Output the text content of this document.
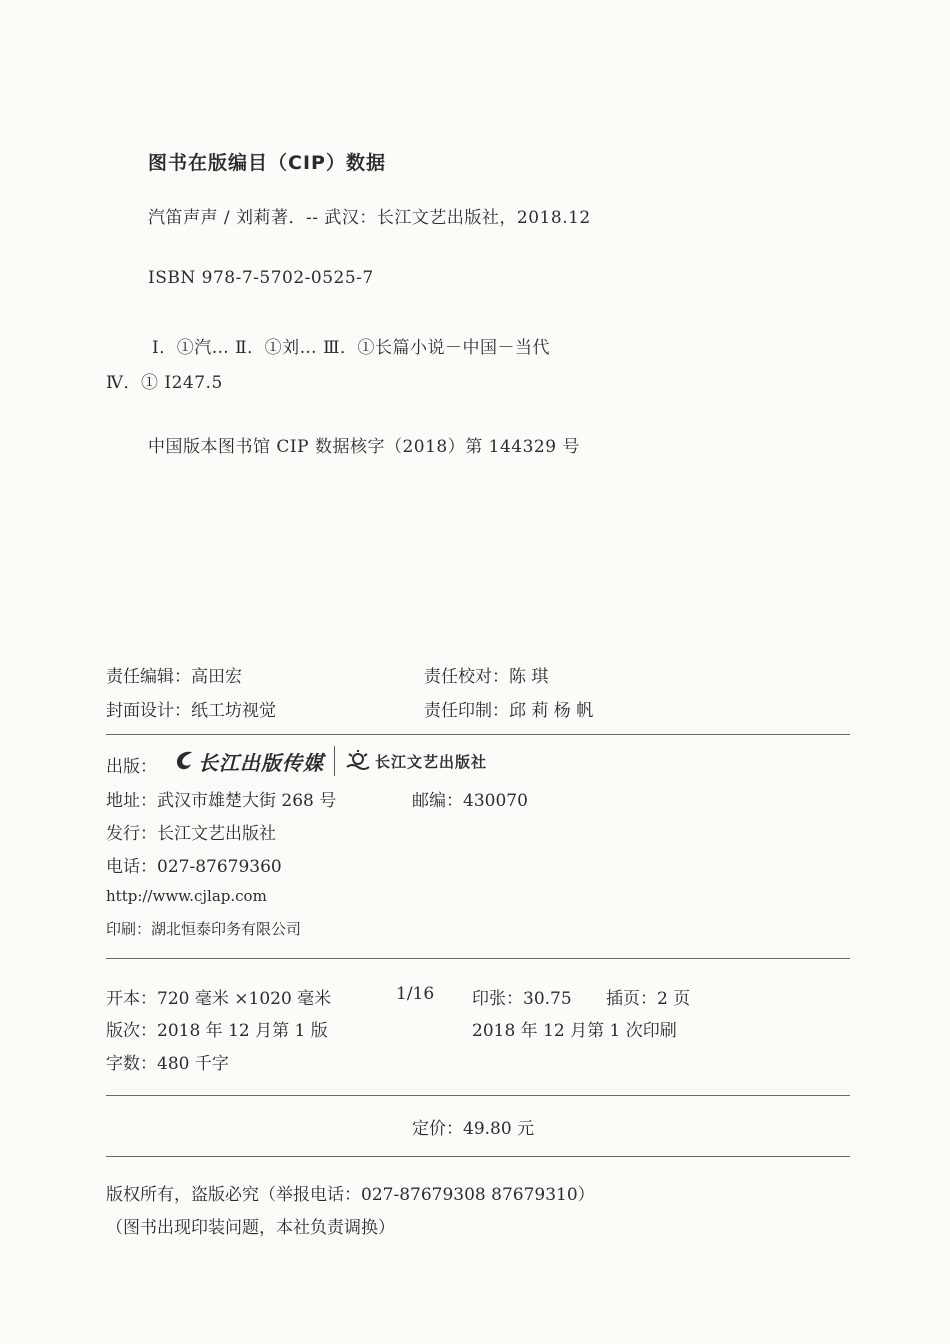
图书在版编目（CIP）数据
汽笛声声 / 刘莉著．-- 武汉：长江文艺出版社，2018.12
ISBN 978-7-5702-0525-7
Ⅰ．①汽… Ⅱ．①刘… Ⅲ．①长篇小说－中国－当代
Ⅳ．① I247.5
中国版本图书馆 CIP 数据核字（2018）第 144329 号
责任编辑：高田宏	责任校对：陈 琪
封面设计：纸工坊视觉	责任印制：邱 莉 杨 帆
出版： 长江出版传媒	长江文艺出版社
地址：武汉市雄楚大街 268 号	邮编：430070
发行：长江文艺出版社
电话：027-87679360
http://www.cjlap.com
印刷：湖北恒泰印务有限公司
开本：720 毫米 ×1020 毫米	1/16 印张：30.75 插页：2 页
版次：2018 年 12 月第 1 版	2018 年 12 月第 1 次印刷
字数：480 千字
定价：49.80 元
版权所有，盗版必究（举报电话：027-87679308 87679310）
（图书出现印装问题，本社负责调换）
